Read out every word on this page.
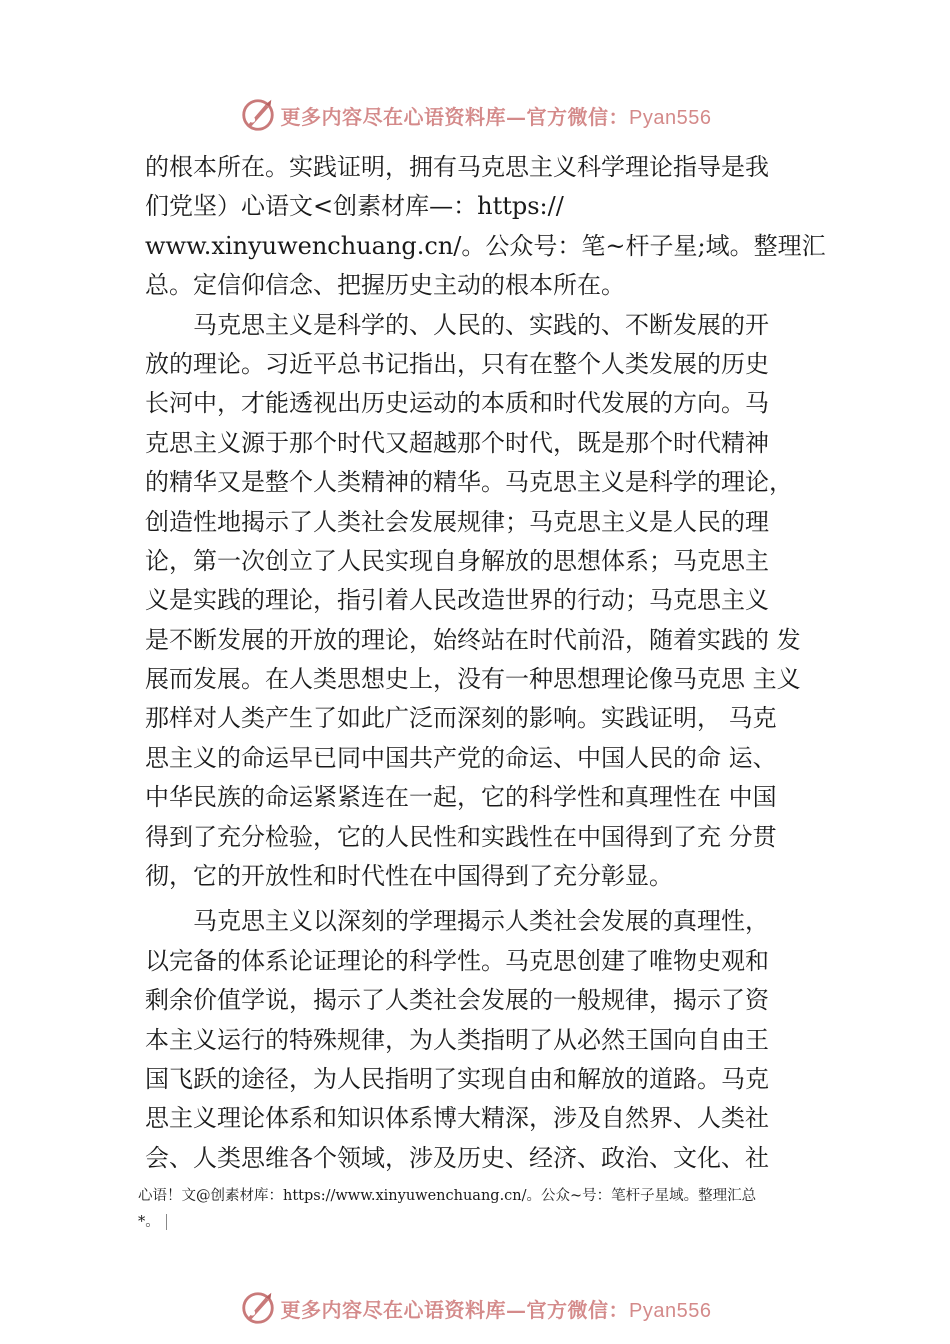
更多内容尽在心语资料库—官方微信：Pyan556
的根本所在。实践证明，拥有马克思主义科学理论指导是我
们党坚）心语文<创素材库—：https://
www.xinyuwenchuang.cn/。公众号：笔~杆子星;域。整理汇
总。定信仰信念、把握历史主动的根本所在。
马克思主义是科学的、人民的、实践的、不断发展的开
放的理论。习近平总书记指出，只有在整个人类发展的历史
长河中，才能透视出历史运动的本质和时代发展的方向。马
克思主义源于那个时代又超越那个时代，既是那个时代精神
的精华又是整个人类精神的精华。马克思主义是科学的理论，
创造性地揭示了人类社会发展规律；马克思主义是人民的理
论，第一次创立了人民实现自身解放的思想体系；马克思主
义是实践的理论，指引着人民改造世界的行动；马克思主义
是不断发展的开放的理论，始终站在时代前沿，随着实践的 发
展而发展。在人类思想史上，没有一种思想理论像马克思 主义
那样对人类产生了如此广泛而深刻的影响。实践证明， 马克
思主义的命运早已同中国共产党的命运、中国人民的命 运、
中华民族的命运紧紧连在一起，它的科学性和真理性在 中国
得到了充分检验，它的人民性和实践性在中国得到了充 分贯
彻，它的开放性和时代性在中国得到了充分彰显。
马克思主义以深刻的学理揭示人类社会发展的真理性，
以完备的体系论证理论的科学性。马克思创建了唯物史观和
剩余价值学说，揭示了人类社会发展的一般规律，揭示了资
本主义运行的特殊规律，为人类指明了从必然王国向自由王
国飞跃的途径，为人民指明了实现自由和解放的道路。马克
思主义理论体系和知识体系博大精深，涉及自然界、人类社
会、人类思维各个领域，涉及历史、经济、政治、文化、社
心语！文@创素材库：https://www.xinyuwenchuang.cn/。公众~号：笔杆子星域。整理汇总
*。
更多内容尽在心语资料库—官方微信：Pyan556
